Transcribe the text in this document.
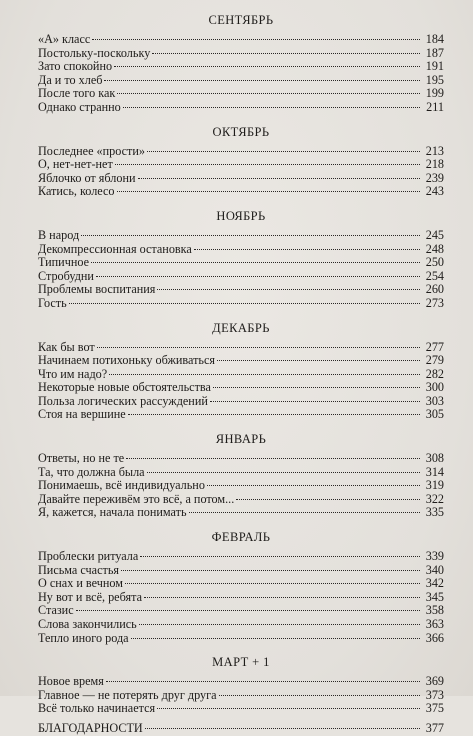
СЕНТЯБРЬ
«А» класс	184
Постольку-поскольку	187
Зато спокойно	191
Да и то хлеб	195
После того как	199
Однако странно	211
ОКТЯБРЬ
Последнее «прости»	213
О, нет-нет-нет	218
Яблочко от яблони	239
Катись, колесо	243
НОЯБРЬ
В народ	245
Декомпрессионная остановка	248
Типичное	250
Стробудни	254
Проблемы воспитания	260
Гость	273
ДЕКАБРЬ
Как бы вот	277
Начинаем потихоньку обживаться	279
Что им надо?	282
Некоторые новые обстоятельства	300
Польза логических рассуждений	303
Стоя на вершине	305
ЯНВАРЬ
Ответы, но не те	308
Та, что должна была	314
Понимаешь, всё индивидуально	319
Давайте переживём это всё, а потом...	322
Я, кажется, начала понимать	335
ФЕВРАЛЬ
Проблески ритуала	339
Письма счастья	340
О снах и вечном	342
Ну вот и всё, ребята	345
Стазис	358
Слова закончились	363
Тепло иного рода	366
МАРТ + 1
Новое время	369
Главное — не потерять друг друга	373
Всё только начинается	375
БЛАГОДАРНОСТИ	377
